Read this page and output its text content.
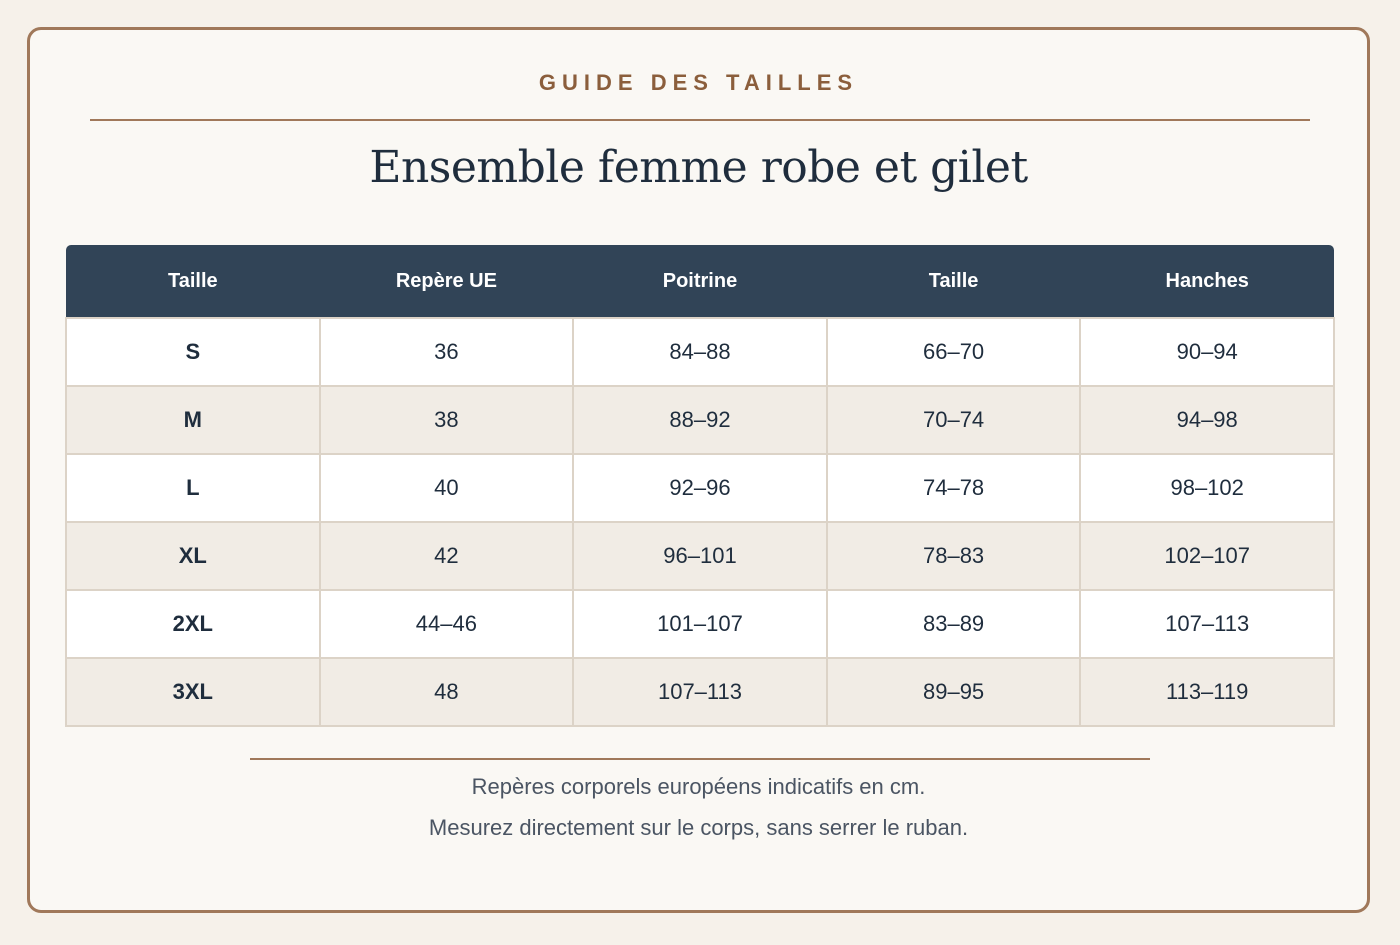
GUIDE DES TAILLES
Ensemble femme robe et gilet
Taille	Repère UE	Poitrine	Taille	Hanches
S	36	84–88	66–70	90–94
M	38	88–92	70–74	94–98
L	40	92–96	74–78	98–102
XL	42	96–101	78–83	102–107
2XL	44–46	101–107	83–89	107–113
3XL	48	107–113	89–95	113–119
Repères corporels européens indicatifs en cm.
Mesurez directement sur le corps, sans serrer le ruban.
